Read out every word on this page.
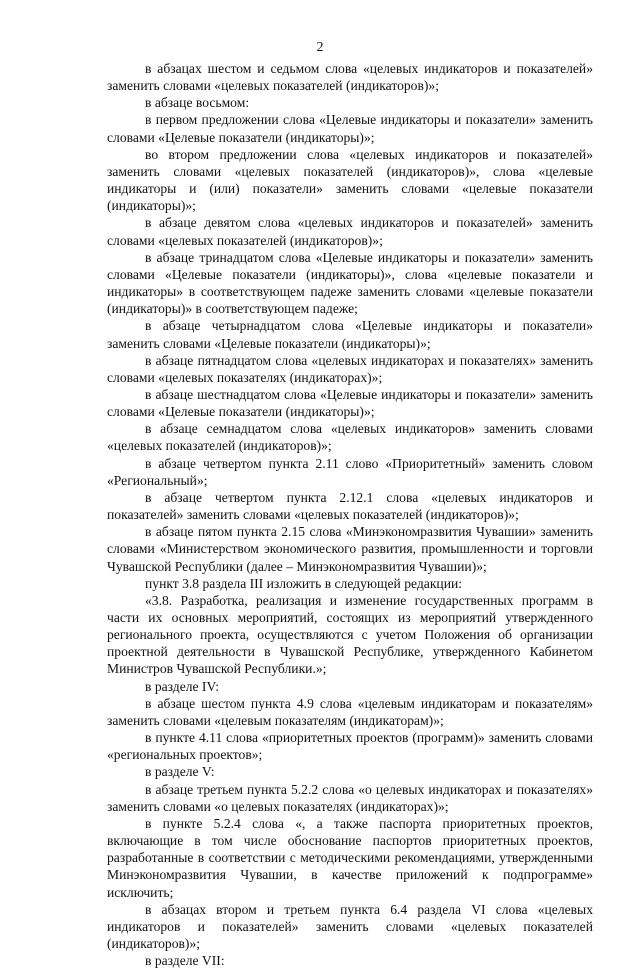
2

в абзацах шестом и седьмом слова «целевых индикаторов и показателей» заменить словами «целевых показателей (индикаторов)»;

в абзаце восьмом:

в первом предложении слова «Целевые индикаторы и показатели» заменить словами «Целевые показатели (индикаторы)»;

во втором предложении слова «целевых индикаторов и показателей» заменить словами «целевых показателей (индикаторов)», слова «целевые индикаторы и (или) показатели» заменить словами «целевые показатели (индикаторы)»;

в абзаце девятом слова «целевых индикаторов и показателей» заменить словами «целевых показателей (индикаторов)»;

в абзаце тринадцатом слова «Целевые индикаторы и показатели» заменить словами «Целевые показатели (индикаторы)», слова «целевые показатели и индикаторы» в соответствующем падеже заменить словами «целевые показатели (индикаторы)» в соответствующем падеже;

в абзаце четырнадцатом слова «Целевые индикаторы и показатели» заменить словами «Целевые показатели (индикаторы)»;

в абзаце пятнадцатом слова «целевых индикаторах и показателях» заменить словами «целевых показателях (индикаторах)»;

в абзаце шестнадцатом слова «Целевые индикаторы и показатели» заменить словами «Целевые показатели (индикаторы)»;

в абзаце семнадцатом слова «целевых индикаторов» заменить словами «целевых показателей (индикаторов)»;

в абзаце четвертом пункта 2.11 слово «Приоритетный» заменить словом «Региональный»;

в абзаце четвертом пункта 2.12.1 слова «целевых индикаторов и показателей» заменить словами «целевых показателей (индикаторов)»;

в абзаце пятом пункта 2.15 слова «Минэкономразвития Чувашии» заменить словами «Министерством экономического развития, промышленности и торговли Чувашской Республики (далее – Минэкономразвития Чувашии)»;

пункт 3.8 раздела III изложить в следующей редакции:

«3.8. Разработка, реализация и изменение государственных программ в части их основных мероприятий, состоящих из мероприятий утвержденного регионального проекта, осуществляются с учетом Положения об организации проектной деятельности в Чувашской Республике, утвержденного Кабинетом Министров Чувашской Республики.»;

в разделе IV:

в абзаце шестом пункта 4.9 слова «целевым индикаторам и показателям» заменить словами «целевым показателям (индикаторам)»;

в пункте 4.11 слова «приоритетных проектов (программ)» заменить словами «региональных проектов»;

в разделе V:

в абзаце третьем пункта 5.2.2 слова «о целевых индикаторах и показателях» заменить словами «о целевых показателях (индикаторах)»;

в пункте 5.2.4 слова «, а также паспорта приоритетных проектов, включающие в том числе обоснование паспортов приоритетных проектов, разработанные в соответствии с методическими рекомендациями, утвержденными Минэкономразвития Чувашии, в качестве приложений к подпрограмме» исключить;

в абзацах втором и третьем пункта 6.4 раздела VI слова «целевых индикаторов и показателей» заменить словами «целевых показателей (индикаторов)»;

в разделе VII:
